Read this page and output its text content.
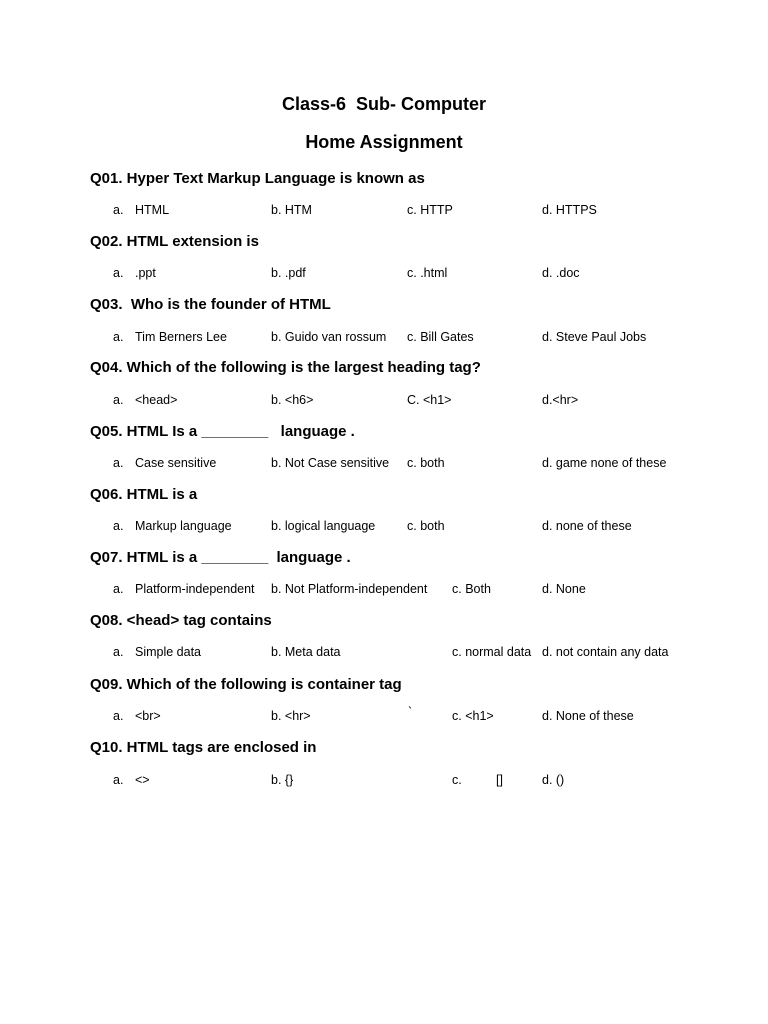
Class-6  Sub- Computer
Home Assignment
Q01. Hyper Text Markup Language is known as
a. HTML	b. HTM	c. HTTP	d. HTTPS
Q02. HTML extension is
a. .ppt	b. .pdf	c. .html	d. .doc
Q03.  Who is the founder of HTML
a. Tim Berners Lee	b. Guido van rossum c. Bill Gates	d. Steve Paul Jobs
Q04. Which of the following is the largest heading tag?
a. <head>	b. <h6>	C. <h1>	d.<hr>
Q05. HTML Is a ________   language .
a. Case sensitive	b. Not Case sensitive c. both	d. game none of these
Q06. HTML is a
a. Markup language	b. logical language	c. both	d. none of these
Q07. HTML is a ________  language .
a. Platform-independent b. Not Platform-independent c. Both	d. None
Q08. <head> tag contains
a. Simple data	b. Meta data	c. normal data d. not contain any data
Q09. Which of the following is container tag
a. <br>	b. <hr>	`	c. <h1>	d. None of these
Q10. HTML tags are enclosed in
a. <>	b. {}	c.	[]	d. ()
